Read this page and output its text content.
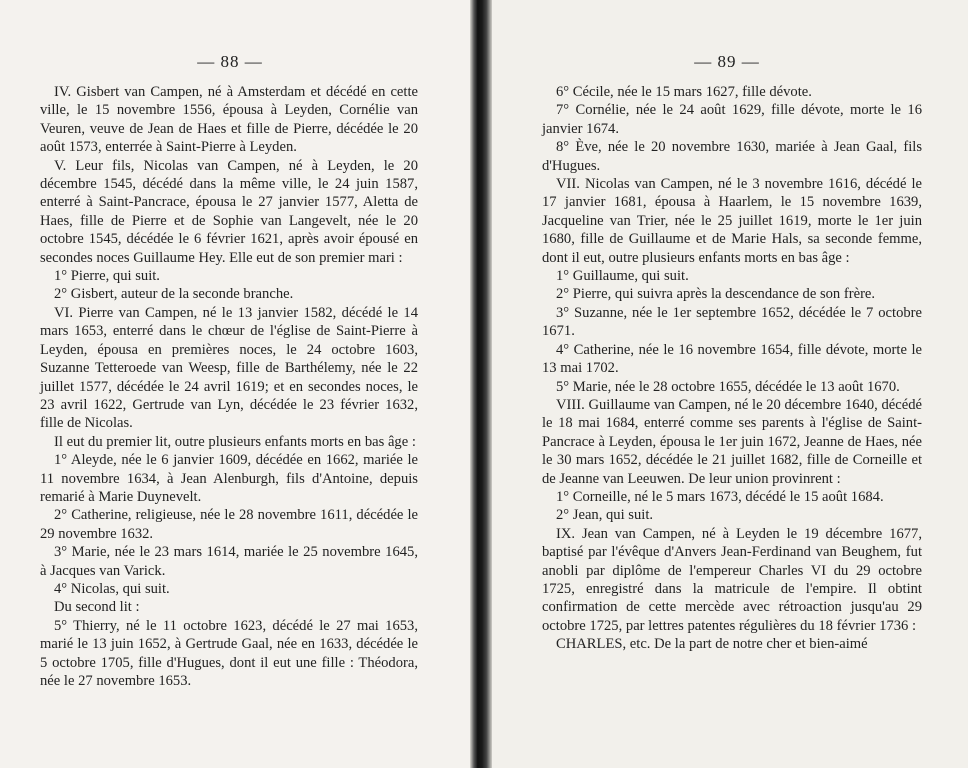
— 88 —

IV. Gisbert van Campen, né à Amsterdam et décédé en cette ville, le 15 novembre 1556, épousa à Leyden, Cornélie van Veuren, veuve de Jean de Haes et fille de Pierre, décédée le 20 août 1573, enterrée à Saint-Pierre à Leyden.

V. Leur fils, Nicolas van Campen, né à Leyden, le 20 décembre 1545, décédé dans la même ville, le 24 juin 1587, enterré à Saint-Pancrace, épousa le 27 janvier 1577, Aletta de Haes, fille de Pierre et de Sophie van Langevelt, née le 20 octobre 1545, décédée le 6 février 1621, après avoir épousé en secondes noces Guillaume Hey. Elle eut de son premier mari :

1° Pierre, qui suit.

2° Gisbert, auteur de la seconde branche.

VI. Pierre van Campen, né le 13 janvier 1582, décédé le 14 mars 1653, enterré dans le chœur de l'église de Saint-Pierre à Leyden, épousa en premières noces, le 24 octobre 1603, Suzanne Tetteroede van Weesp, fille de Barthélemy, née le 22 juillet 1577, décédée le 24 avril 1619; et en secondes noces, le 23 avril 1622, Gertrude van Lyn, décédée le 23 février 1632, fille de Nicolas.

Il eut du premier lit, outre plusieurs enfants morts en bas âge :

1° Aleyde, née le 6 janvier 1609, décédée en 1662, mariée le 11 novembre 1634, à Jean Alenburgh, fils d'Antoine, depuis remarié à Marie Duynevelt.

2° Catherine, religieuse, née le 28 novembre 1611, décédée le 29 novembre 1632.

3° Marie, née le 23 mars 1614, mariée le 25 novembre 1645, à Jacques van Varick.

4° Nicolas, qui suit.

Du second lit :

5° Thierry, né le 11 octobre 1623, décédé le 27 mai 1653, marié le 13 juin 1652, à Gertrude Gaal, née en 1633, décédée le 5 octobre 1705, fille d'Hugues, dont il eut une fille : Théodora, née le 27 novembre 1653.

— 89 —

6° Cécile, née le 15 mars 1627, fille dévote.

7° Cornélie, née le 24 août 1629, fille dévote, morte le 16 janvier 1674.

8° Ève, née le 20 novembre 1630, mariée à Jean Gaal, fils d'Hugues.

VII. Nicolas van Campen, né le 3 novembre 1616, décédé le 17 janvier 1681, épousa à Haarlem, le 15 novembre 1639, Jacqueline van Trier, née le 25 juillet 1619, morte le 1er juin 1680, fille de Guillaume et de Marie Hals, sa seconde femme, dont il eut, outre plusieurs enfants morts en bas âge :

1° Guillaume, qui suit.

2° Pierre, qui suivra après la descendance de son frère.

3° Suzanne, née le 1er septembre 1652, décédée le 7 octobre 1671.

4° Catherine, née le 16 novembre 1654, fille dévote, morte le 13 mai 1702.

5° Marie, née le 28 octobre 1655, décédée le 13 août 1670.

VIII. Guillaume van Campen, né le 20 décembre 1640, décédé le 18 mai 1684, enterré comme ses parents à l'église de Saint-Pancrace à Leyden, épousa le 1er juin 1672, Jeanne de Haes, née le 30 mars 1652, décédée le 21 juillet 1682, fille de Corneille et de Jeanne van Leeuwen. De leur union provinrent :

1° Corneille, né le 5 mars 1673, décédé le 15 août 1684.

2° Jean, qui suit.

IX. Jean van Campen, né à Leyden le 19 décembre 1677, baptisé par l'évêque d'Anvers Jean-Ferdinand van Beughem, fut anobli par diplôme de l'empereur Charles VI du 29 octobre 1725, enregistré dans la matricule de l'empire. Il obtint confirmation de cette mercède avec rétroaction jusqu'au 29 octobre 1725, par lettres patentes régulières du 18 février 1736 :

CHARLES, etc. De la part de notre cher et bien-aimé
